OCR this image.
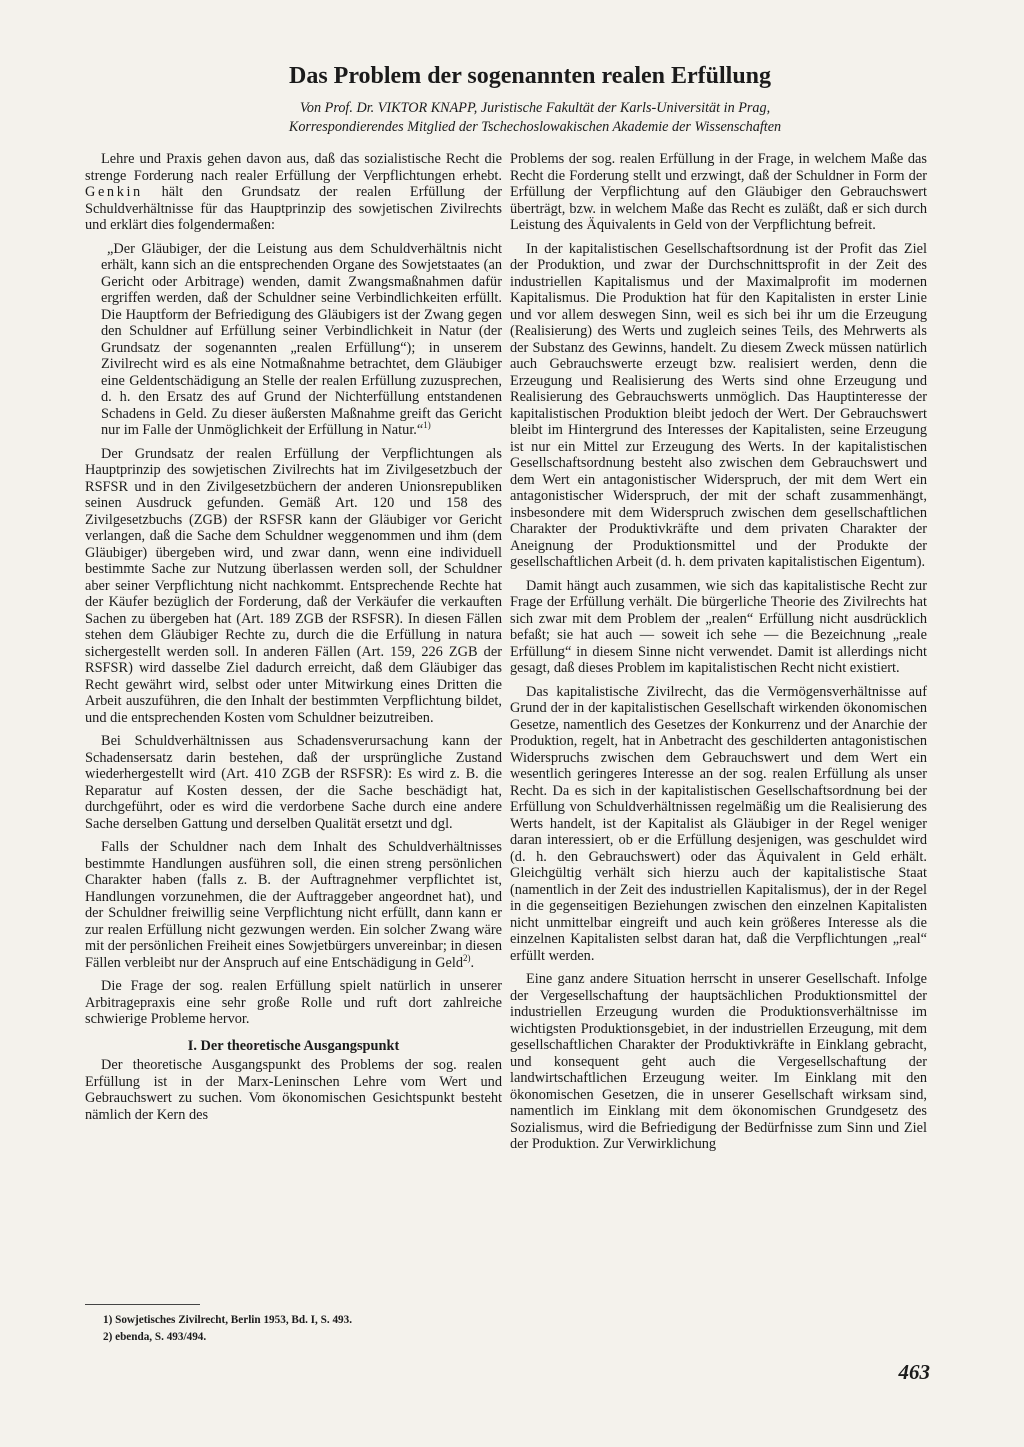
Das Problem der sogenannten realen Erfüllung
Von Prof. Dr. VIKTOR KNAPP, Juristische Fakultät der Karls-Universität in Prag,
Korrespondierendes Mitglied der Tschechoslowakischen Akademie der Wissenschaften

Lehre und Praxis gehen davon aus, daß das sozialistische Recht die strenge Forderung nach realer Erfüllung der Verpflichtungen erhebt. Genkin hält den Grundsatz der realen Erfüllung der Schuldverhältnisse für das Hauptprinzip des sowjetischen Zivilrechts und erklärt dies folgendermaßen:

„Der Gläubiger, der die Leistung aus dem Schuldverhältnis nicht erhält, kann sich an die entsprechenden Organe des Sowjetstaates (an Gericht oder Arbitrage) wenden, damit Zwangsmaßnahmen dafür ergriffen werden, daß der Schuldner seine Verbindlichkeiten erfüllt. Die Hauptform der Befriedigung des Gläubigers ist der Zwang gegen den Schuldner auf Erfüllung seiner Verbindlichkeit in Natur (der Grundsatz der sogenannten „realen Erfüllung“); in unserem Zivilrecht wird es als eine Notmaßnahme betrachtet, dem Gläubiger eine Geldentschädigung an Stelle der realen Erfüllung zuzusprechen, d. h. den Ersatz des auf Grund der Nichterfüllung entstandenen Schadens in Geld. Zu dieser äußersten Maßnahme greift das Gericht nur im Falle der Unmöglichkeit der Erfüllung in Natur.“$^{1)}$

Der Grundsatz der realen Erfüllung der Verpflichtungen als Hauptprinzip des sowjetischen Zivilrechts hat im Zivilgesetzbuch der RSFSR und in den Zivilgesetzbüchern der anderen Unionsrepubliken seinen Ausdruck gefunden. Gemäß Art. 120 und 158 des Zivilgesetzbuchs (ZGB) der RSFSR kann der Gläubiger vor Gericht verlangen, daß die Sache dem Schuldner weggenommen und ihm (dem Gläubiger) übergeben wird, und zwar dann, wenn eine individuell bestimmte Sache zur Nutzung überlassen werden soll, der Schuldner aber seiner Verpflichtung nicht nachkommt. Entsprechende Rechte hat der Käufer bezüglich der Forderung, daß der Verkäufer die verkauften Sachen zu übergeben hat (Art. 189 ZGB der RSFSR). In diesen Fällen stehen dem Gläubiger Rechte zu, durch die die Erfüllung in natura sichergestellt werden soll. In anderen Fällen (Art. 159, 226 ZGB der RSFSR) wird dasselbe Ziel dadurch erreicht, daß dem Gläubiger das Recht gewährt wird, selbst oder unter Mitwirkung eines Dritten die Arbeit auszuführen, die den Inhalt der bestimmten Verpflichtung bildet, und die entsprechenden Kosten vom Schuldner beizutreiben.

Bei Schuldverhältnissen aus Schadensverursachung kann der Schadensersatz darin bestehen, daß der ursprüngliche Zustand wiederhergestellt wird (Art. 410 ZGB der RSFSR): Es wird z. B. die Reparatur auf Kosten dessen, der die Sache beschädigt hat, durchgeführt, oder es wird die verdorbene Sache durch eine andere Sache derselben Gattung und derselben Qualität ersetzt und dgl.

Falls der Schuldner nach dem Inhalt des Schuldverhältnisses bestimmte Handlungen ausführen soll, die einen streng persönlichen Charakter haben (falls z. B. der Auftragnehmer verpflichtet ist, Handlungen vorzunehmen, die der Auftraggeber angeordnet hat), und der Schuldner freiwillig seine Verpflichtung nicht erfüllt, dann kann er zur realen Erfüllung nicht gezwungen werden. Ein solcher Zwang wäre mit der persönlichen Freiheit eines Sowjetbürgers unvereinbar; in diesen Fällen verbleibt nur der Anspruch auf eine Entschädigung in Geld$^{2)}$.

Die Frage der sog. realen Erfüllung spielt natürlich in unserer Arbitragepraxis eine sehr große Rolle und ruft dort zahlreiche schwierige Probleme hervor.

I. Der theoretische Ausgangspunkt

Der theoretische Ausgangspunkt des Problems der sog. realen Erfüllung ist in der Marx-Leninschen Lehre vom Wert und Gebrauchswert zu suchen. Vom ökonomischen Gesichtspunkt besteht nämlich der Kern des

Problems der sog. realen Erfüllung in der Frage, in welchem Maße das Recht die Forderung stellt und erzwingt, daß der Schuldner in Form der Erfüllung der Verpflichtung auf den Gläubiger den Gebrauchswert überträgt, bzw. in welchem Maße das Recht es zuläßt, daß er sich durch Leistung des Äquivalents in Geld von der Verpflichtung befreit.

In der kapitalistischen Gesellschaftsordnung ist der Profit das Ziel der Produktion, und zwar der Durchschnittsprofit in der Zeit des industriellen Kapitalismus und der Maximalprofit im modernen Kapitalismus. Die Produktion hat für den Kapitalisten in erster Linie und vor allem deswegen Sinn, weil es sich bei ihr um die Erzeugung (Realisierung) des Werts und zugleich seines Teils, des Mehrwerts als der Substanz des Gewinns, handelt. Zu diesem Zweck müssen natürlich auch Gebrauchswerte erzeugt bzw. realisiert werden, denn die Erzeugung und Realisierung des Werts sind ohne Erzeugung und Realisierung des Gebrauchswerts unmöglich. Das Hauptinteresse der kapitalistischen Produktion bleibt jedoch der Wert. Der Gebrauchswert bleibt im Hintergrund des Interesses der Kapitalisten, seine Erzeugung ist nur ein Mittel zur Erzeugung des Werts. In der kapitalistischen Gesellschaftsordnung besteht also zwischen dem Gebrauchswert und dem Wert ein antagonistischer Widerspruch, der mit dem Wert ein antagonistischer Widerspruch, der mit der schaft zusammenhängt, insbesondere mit dem Widerspruch zwischen dem gesellschaftlichen Charakter der Produktivkräfte und dem privaten Charakter der Aneignung der Produktionsmittel und der Produkte der gesellschaftlichen Arbeit (d. h. dem privaten kapitalistischen Eigentum).

Damit hängt auch zusammen, wie sich das kapitalistische Recht zur Frage der Erfüllung verhält. Die bürgerliche Theorie des Zivilrechts hat sich zwar mit dem Problem der „realen“ Erfüllung nicht ausdrücklich befaßt; sie hat auch — soweit ich sehe — die Bezeichnung „reale Erfüllung“ in diesem Sinne nicht verwendet. Damit ist allerdings nicht gesagt, daß dieses Problem im kapitalistischen Recht nicht existiert.

Das kapitalistische Zivilrecht, das die Vermögensverhältnisse auf Grund der in der kapitalistischen Gesellschaft wirkenden ökonomischen Gesetze, namentlich des Gesetzes der Konkurrenz und der Anarchie der Produktion, regelt, hat in Anbetracht des geschilderten antagonistischen Widerspruchs zwischen dem Gebrauchswert und dem Wert ein wesentlich geringeres Interesse an der sog. realen Erfüllung als unser Recht. Da es sich in der kapitalistischen Gesellschaftsordnung bei der Erfüllung von Schuldverhältnissen regelmäßig um die Realisierung des Werts handelt, ist der Kapitalist als Gläubiger in der Regel weniger daran interessiert, ob er die Erfüllung desjenigen, was geschuldet wird (d. h. den Gebrauchswert) oder das Äquivalent in Geld erhält. Gleichgültig verhält sich hierzu auch der kapitalistische Staat (namentlich in der Zeit des industriellen Kapitalismus), der in der Regel in die gegenseitigen Beziehungen zwischen den einzelnen Kapitalisten nicht unmittelbar eingreift und auch kein größeres Interesse als die einzelnen Kapitalisten selbst daran hat, daß die Verpflichtungen „real“ erfüllt werden.

Eine ganz andere Situation herrscht in unserer Gesellschaft. Infolge der Vergesellschaftung der hauptsächlichen Produktionsmittel der industriellen Erzeugung wurden die Produktionsverhältnisse im wichtigsten Produktionsgebiet, in der industriellen Erzeugung, mit dem gesellschaftlichen Charakter der Produktivkräfte in Einklang gebracht, und konsequent geht auch die Vergesellschaftung der landwirtschaftlichen Erzeugung weiter. Im Einklang mit den ökonomischen Gesetzen, die in unserer Gesellschaft wirksam sind, namentlich im Einklang mit dem ökonomischen Grundgesetz des Sozialismus, wird die Befriedigung der Bedürfnisse zum Sinn und Ziel der Produktion. Zur Verwirklichung

1) Sowjetisches Zivilrecht, Berlin 1953, Bd. I, S. 493.
2) ebenda, S. 493/494.
463
